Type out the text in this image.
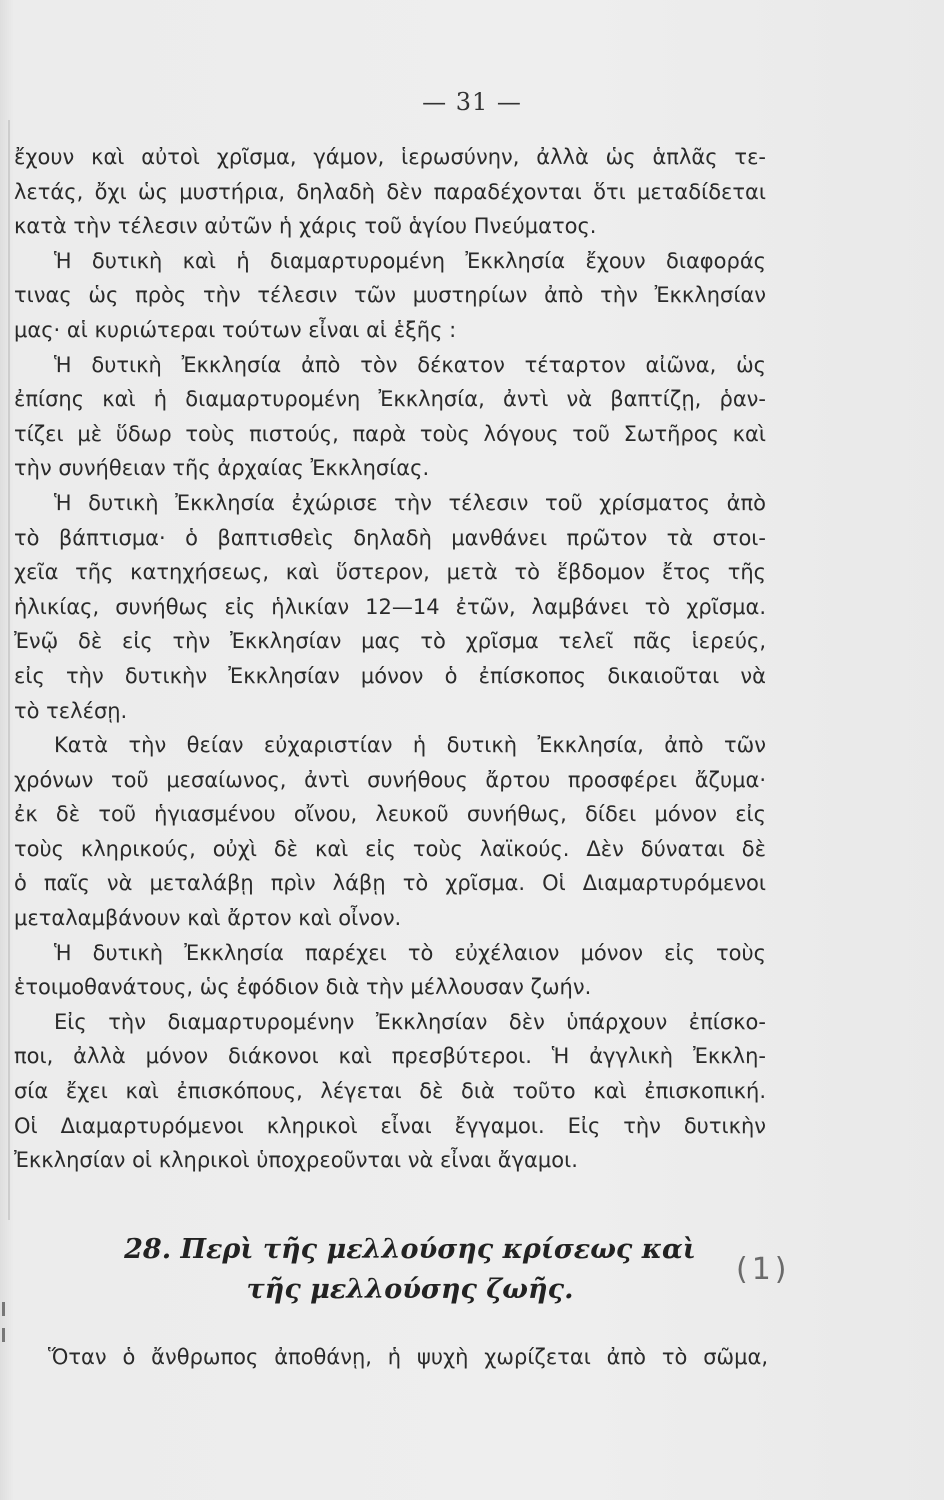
— 31 —
ἔχουν καὶ αὐτοὶ χρῖσμα, γάμον, ἱερωσύνην, ἀλλὰ ὡς ἁπλᾶς τε-
λετάς, ὄχι ὡς μυστήρια, δηλαδὴ δὲν παραδέχονται ὅτι μεταδίδεται
κατὰ τὴν τέλεσιν αὐτῶν ἡ χάρις τοῦ ἁγίου Πνεύματος.
Ἡ δυτικὴ καὶ ἡ διαμαρτυρομένη Ἐκκλησία ἔχουν διαφοράς
τινας ὡς πρὸς τὴν τέλεσιν τῶν μυστηρίων ἀπὸ τὴν Ἐκκλησίαν
μας· αἱ κυριώτεραι τούτων εἶναι αἱ ἑξῆς :
Ἡ δυτικὴ Ἐκκλησία ἀπὸ τὸν δέκατον τέταρτον αἰῶνα, ὡς
ἐπίσης καὶ ἡ διαμαρτυρομένη Ἐκκλησία, ἀντὶ νὰ βαπτίζῃ, ῥαν-
τίζει μὲ ὕδωρ τοὺς πιστούς, παρὰ τοὺς λόγους τοῦ Σωτῆρος καὶ
τὴν συνήθειαν τῆς ἀρχαίας Ἐκκλησίας.
Ἡ δυτικὴ Ἐκκλησία ἐχώρισε τὴν τέλεσιν τοῦ χρίσματος ἀπὸ
τὸ βάπτισμα· ὁ βαπτισθεὶς δηλαδὴ μανθάνει πρῶτον τὰ στοι-
χεῖα τῆς κατηχήσεως, καὶ ὕστερον, μετὰ τὸ ἕβδομον ἔτος τῆς
ἡλικίας, συνήθως εἰς ἡλικίαν 12—14 ἐτῶν, λαμβάνει τὸ χρῖσμα.
Ἐνῷ δὲ εἰς τὴν Ἐκκλησίαν μας τὸ χρῖσμα τελεῖ πᾶς ἱερεύς,
εἰς τὴν δυτικὴν Ἐκκλησίαν μόνον ὁ ἐπίσκοπος δικαιοῦται νὰ
τὸ τελέσῃ.
Κατὰ τὴν θείαν εὐχαριστίαν ἡ δυτικὴ Ἐκκλησία, ἀπὸ τῶν
χρόνων τοῦ μεσαίωνος, ἀντὶ συνήθους ἄρτου προσφέρει ἄζυμα·
ἐκ δὲ τοῦ ἡγιασμένου οἴνου, λευκοῦ συνήθως, δίδει μόνον εἰς
τοὺς κληρικούς, οὐχὶ δὲ καὶ εἰς τοὺς λαϊκούς. Δὲν δύναται δὲ
ὁ παῖς νὰ μεταλάβῃ πρὶν λάβῃ τὸ χρῖσμα. Οἱ Διαμαρτυρόμενοι
μεταλαμβάνουν καὶ ἄρτον καὶ οἶνον.
Ἡ δυτικὴ Ἐκκλησία παρέχει τὸ εὐχέλαιον μόνον εἰς τοὺς
ἑτοιμοθανάτους, ὡς ἐφόδιον διὰ τὴν μέλλουσαν ζωήν.
Εἰς τὴν διαμαρτυρομένην Ἐκκλησίαν δὲν ὑπάρχουν ἐπίσκο-
ποι, ἀλλὰ μόνον διάκονοι καὶ πρεσβύτεροι. Ἡ ἀγγλικὴ Ἐκκλη-
σία ἔχει καὶ ἐπισκόπους, λέγεται δὲ διὰ τοῦτο καὶ ἐπισκοπική.
Οἱ Διαμαρτυρόμενοι κληρικοὶ εἶναι ἔγγαμοι. Εἰς τὴν δυτικὴν
Ἐκκλησίαν οἱ κληρικοὶ ὑποχρεοῦνται νὰ εἶναι ἄγαμοι.
28. Περὶ τῆς μελλούσης κρίσεως καὶ
τῆς μελλούσης ζωῆς.
(1)
Ὅταν ὁ ἄνθρωπος ἀποθάνῃ, ἡ ψυχὴ χωρίζεται ἀπὸ τὸ σῶμα,
